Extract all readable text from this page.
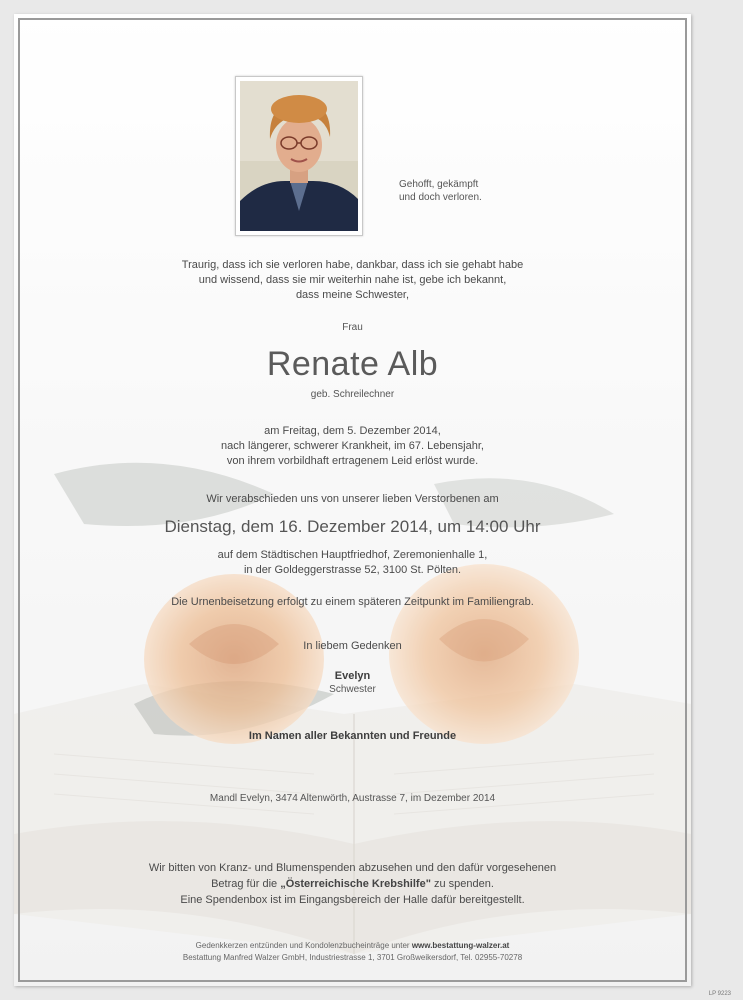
Gehofft, gekämpft
und doch verloren.
Traurig, dass ich sie verloren habe, dankbar, dass ich sie gehabt habe
und wissend, dass sie mir weiterhin nahe ist, gebe ich bekannt,
dass meine Schwester,
Frau
Renate Alb
geb. Schreilechner
am Freitag, dem 5. Dezember 2014,
nach längerer, schwerer Krankheit, im 67. Lebensjahr,
von ihrem vorbildhaft ertragenem Leid erlöst wurde.
Wir verabschieden uns von unserer lieben Verstorbenen am
Dienstag, dem 16. Dezember 2014, um 14:00 Uhr
auf dem Städtischen Hauptfriedhof, Zeremonienhalle 1,
in der Goldeggerstrasse 52, 3100 St. Pölten.
Die Urnenbeisetzung erfolgt zu einem späteren Zeitpunkt im Familiengrab.
In liebem Gedenken
Evelyn
Schwester
Im Namen aller Bekannten und Freunde
Mandl Evelyn, 3474 Altenwörth, Austrasse 7, im Dezember 2014
Wir bitten von Kranz- und Blumenspenden abzusehen und den dafür vorgesehenen
Betrag für die „Österreichische Krebshilfe" zu spenden.
Eine Spendenbox ist im Eingangsbereich der Halle dafür bereitgestellt.
Gedenkkerzen entzünden und Kondolenzbucheinträge unter www.bestattung-walzer.at
Bestattung Manfred Walzer GmbH, Industriestrasse 1, 3701 Großweikersdorf, Tel. 02955-70278
LP 9223
